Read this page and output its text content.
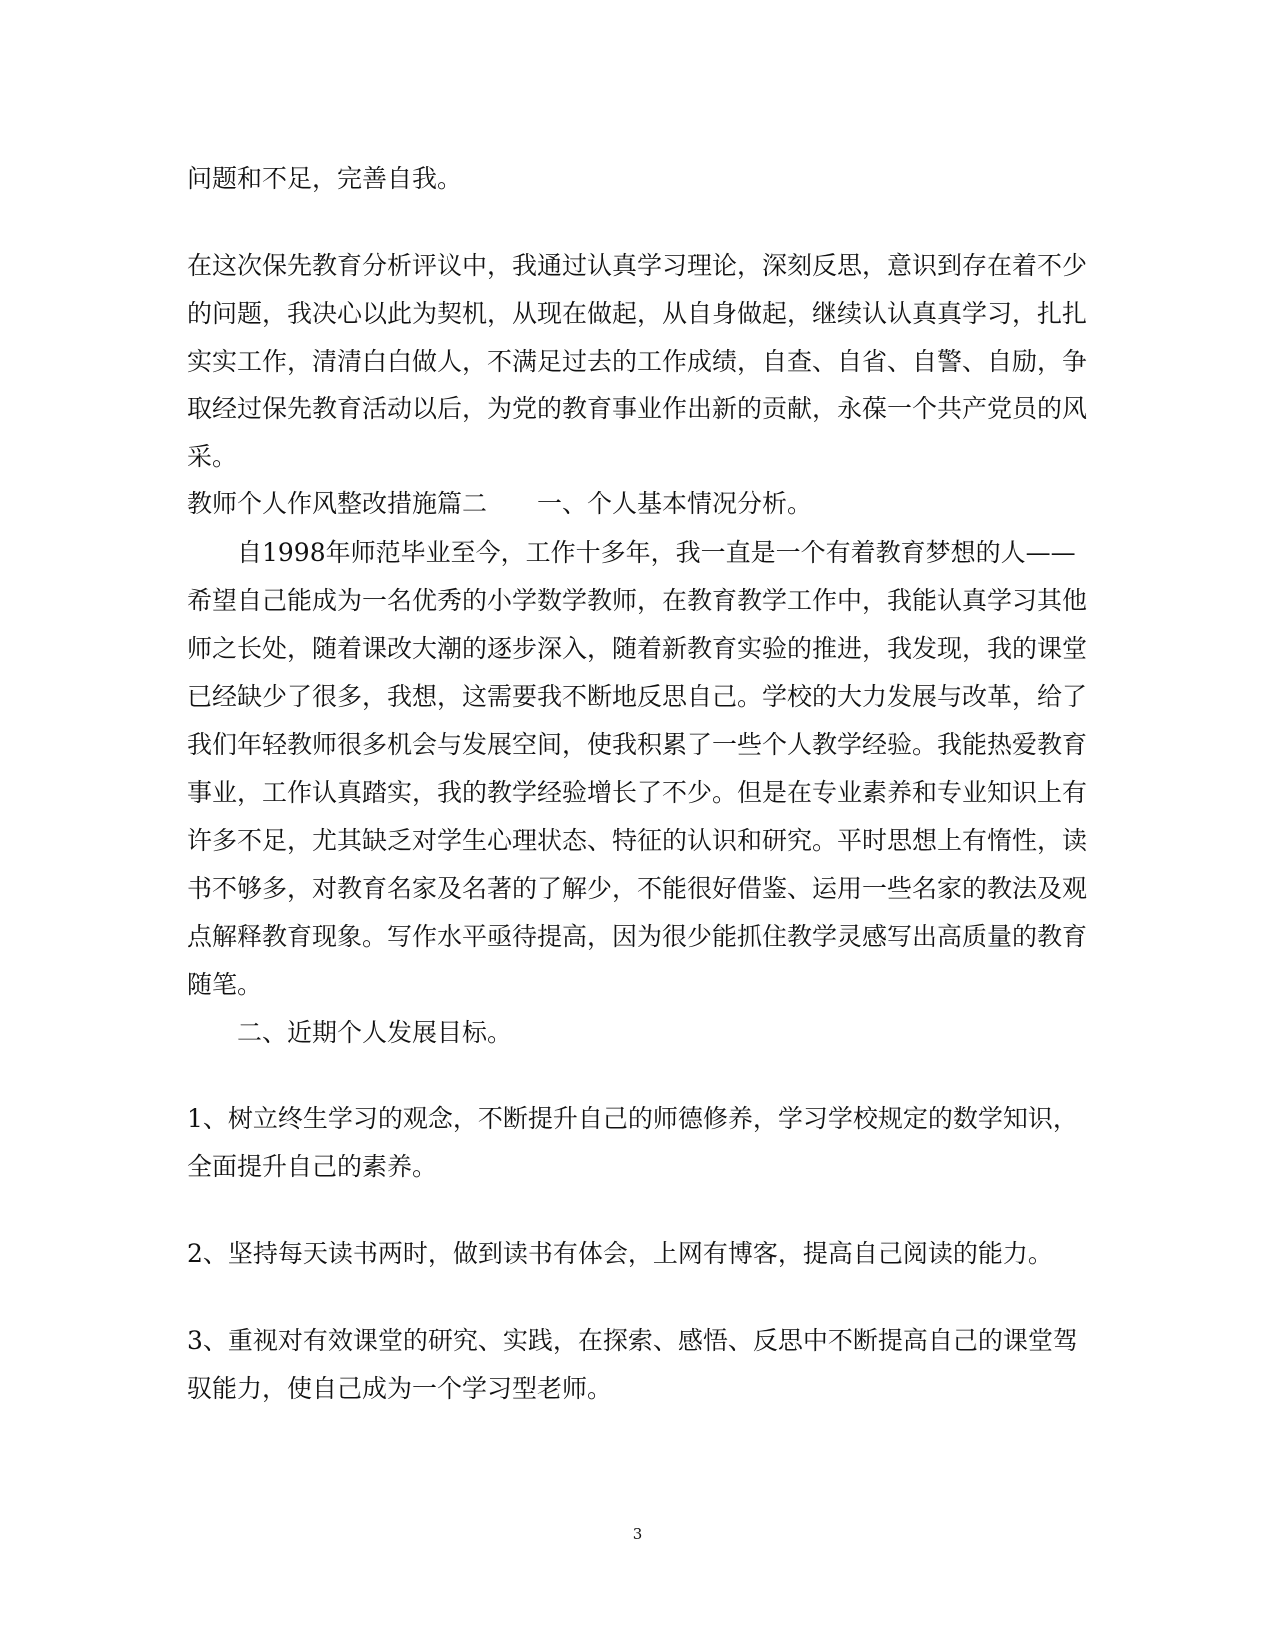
问题和不足，完善自我。
在这次保先教育分析评议中，我通过认真学习理论，深刻反思，意识到存在着不少
的问题，我决心以此为契机，从现在做起，从自身做起，继续认认真真学习，扎扎
实实工作，清清白白做人，不满足过去的工作成绩，自查、自省、自警、自励，争
取经过保先教育活动以后，为党的教育事业作出新的贡献，永葆一个共产党员的风
采。
教师个人作风整改措施篇二　　一、个人基本情况分析。
自1998年师范毕业至今，工作十多年，我一直是一个有着教育梦想的人——
希望自己能成为一名优秀的小学数学教师，在教育教学工作中，我能认真学习其他
师之长处，随着课改大潮的逐步深入，随着新教育实验的推进，我发现，我的课堂
已经缺少了很多，我想，这需要我不断地反思自己。学校的大力发展与改革，给了
我们年轻教师很多机会与发展空间，使我积累了一些个人教学经验。我能热爱教育
事业，工作认真踏实，我的教学经验增长了不少。但是在专业素养和专业知识上有
许多不足，尤其缺乏对学生心理状态、特征的认识和研究。平时思想上有惰性，读
书不够多，对教育名家及名著的了解少，不能很好借鉴、运用一些名家的教法及观
点解释教育现象。写作水平亟待提高，因为很少能抓住教学灵感写出高质量的教育
随笔。
二、近期个人发展目标。
1、树立终生学习的观念，不断提升自己的师德修养，学习学校规定的数学知识，
全面提升自己的素养。
2、坚持每天读书两时，做到读书有体会，上网有博客，提高自己阅读的能力。
3、重视对有效课堂的研究、实践，在探索、感悟、反思中不断提高自己的课堂驾
驭能力，使自己成为一个学习型老师。
3
